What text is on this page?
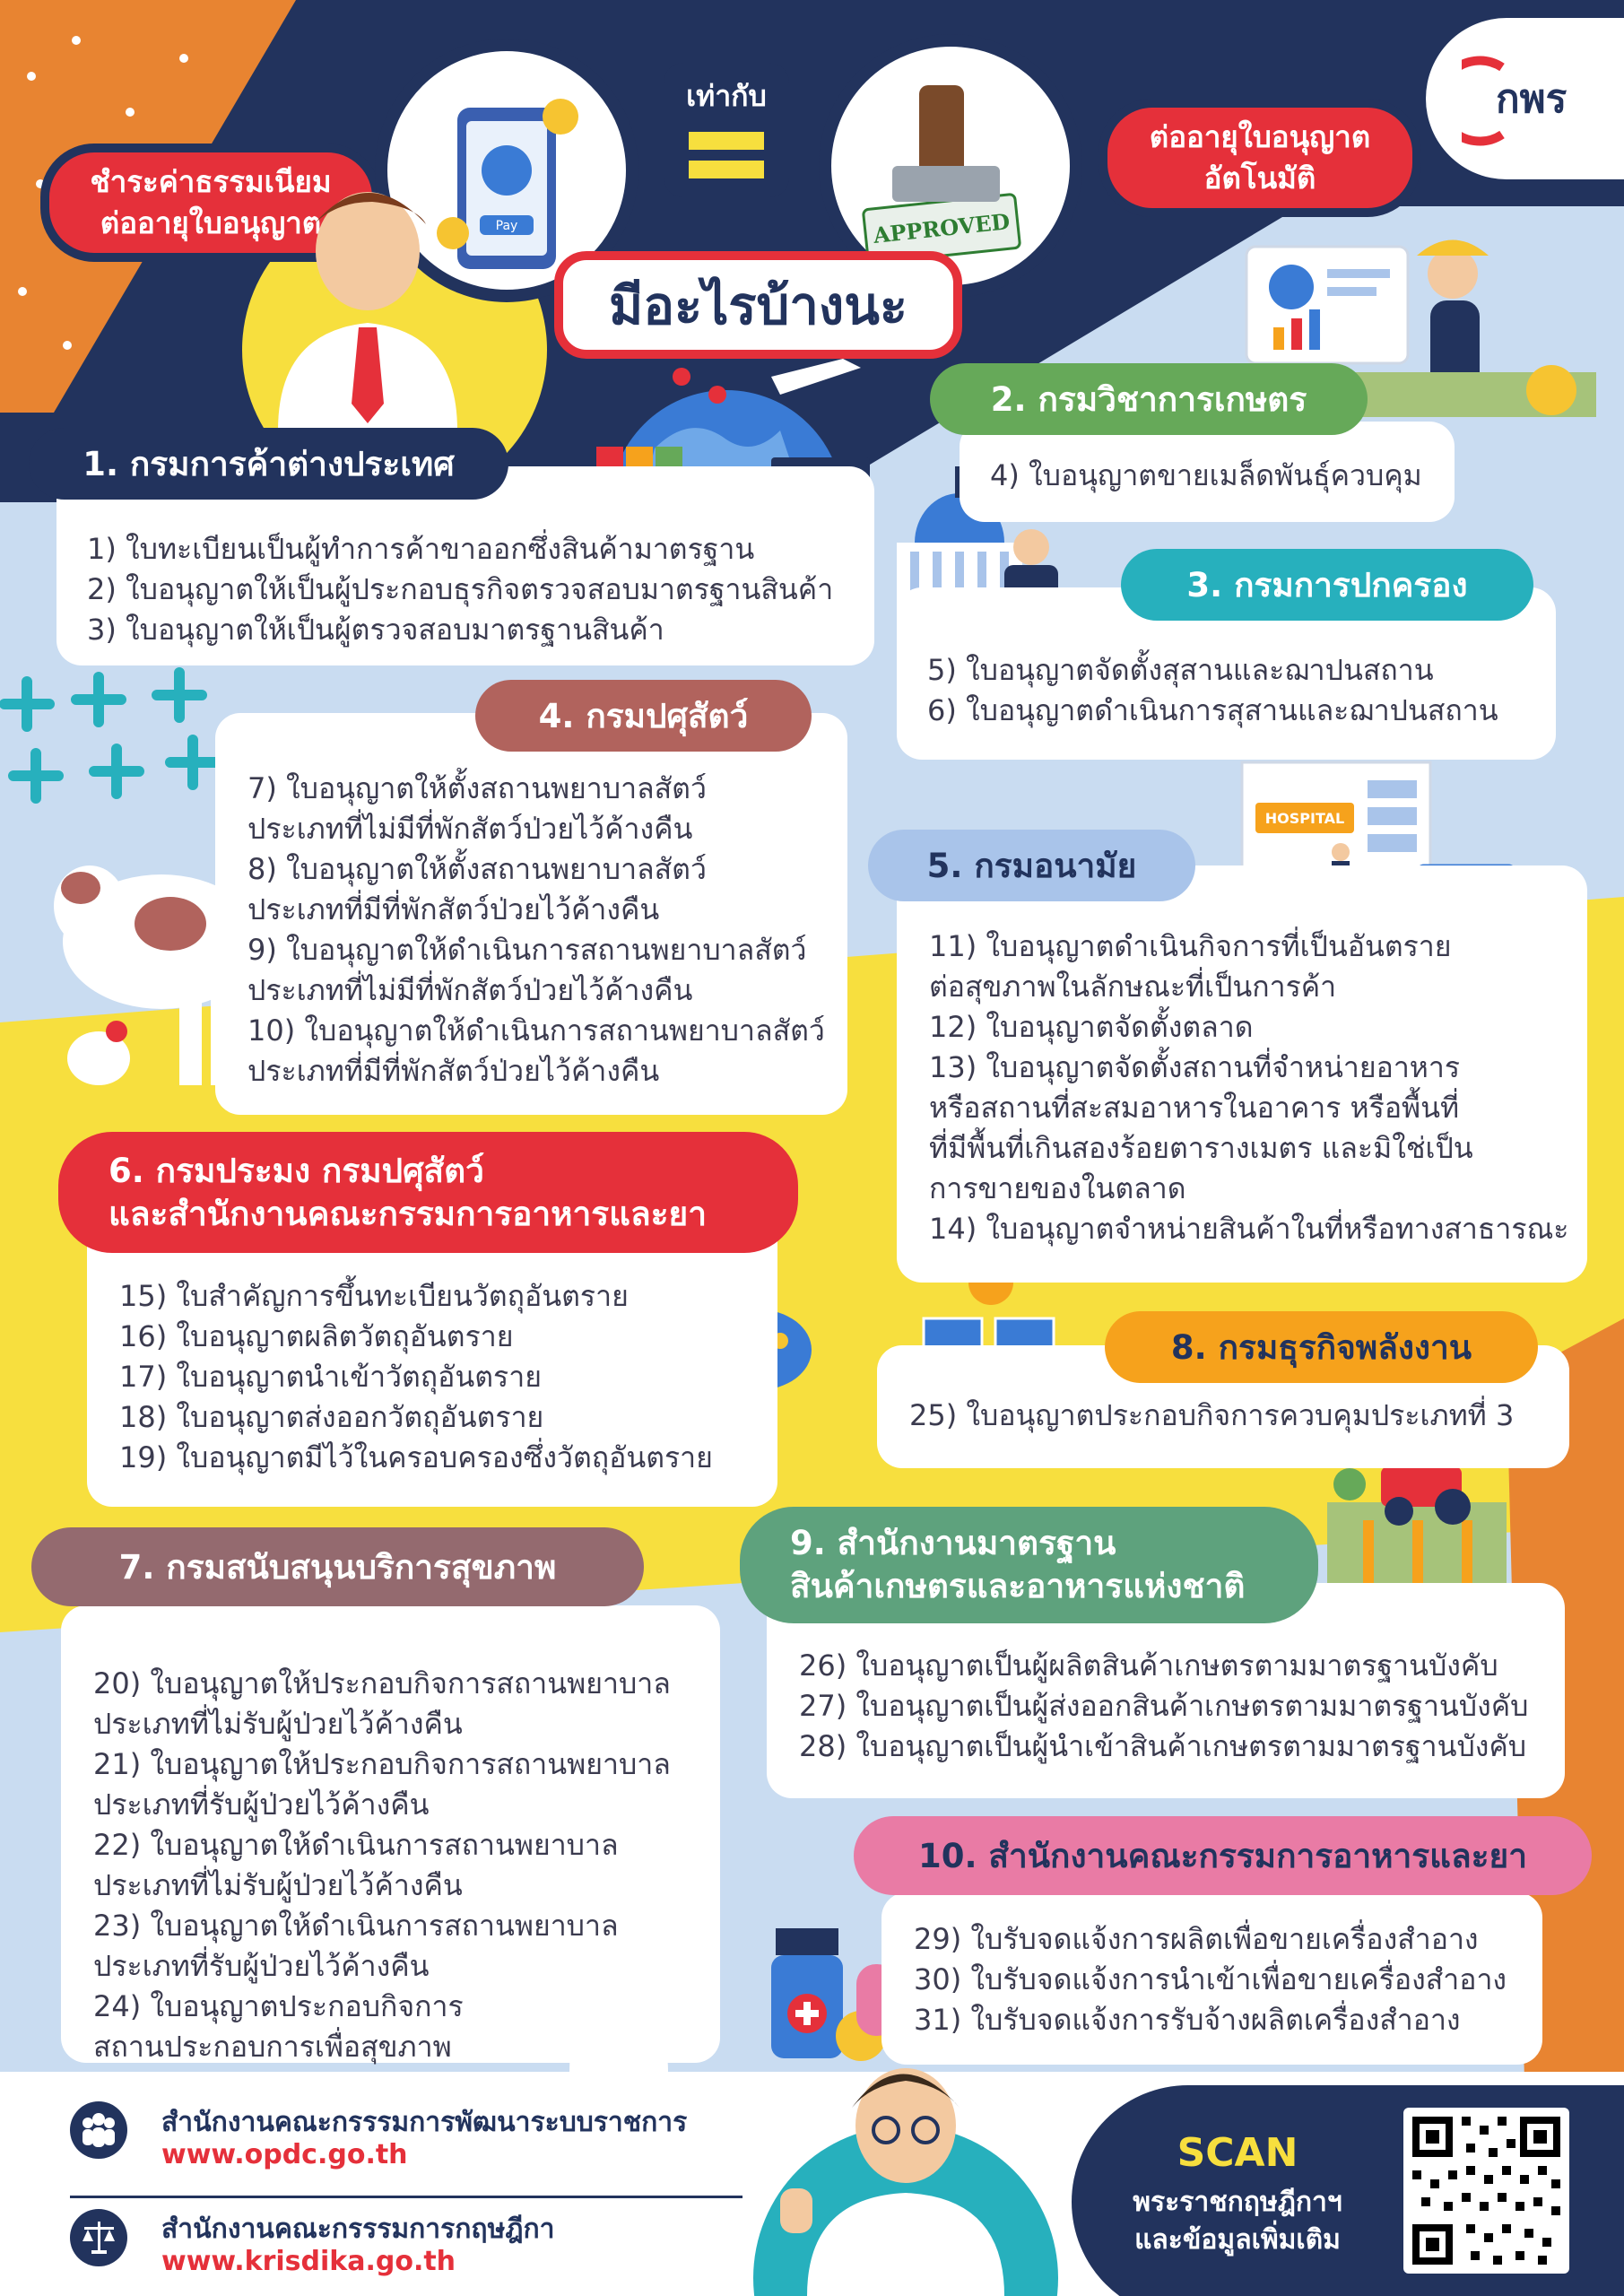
ชำระค่าธรรมเนียม
ต่ออายุใบอนุญาต	Pay
เท่ากับ
APPROVED
ต่ออายุใบอนุญาต
อัตโนมัติ
กพร
มีอะไรบ้างนะ
HOSPITAL
1) ใบทะเบียนเป็นผู้ทำการค้าขาออกซึ่งสินค้ามาตรฐาน
2) ใบอนุญาตให้เป็นผู้ประกอบธุรกิจตรวจสอบมาตรฐานสินค้า
3) ใบอนุญาตให้เป็นผู้ตรวจสอบมาตรฐานสินค้า
1. กรมการค้าต่างประเทศ	4) ใบอนุญาตขายเมล็ดพันธุ์ควบคุม
2. กรมวิชาการเกษตร
5) ใบอนุญาตจัดตั้งสุสานและฌาปนสถาน
6) ใบอนุญาตดำเนินการสุสานและฌาปนสถาน
3. กรมการปกครอง
7) ใบอนุญาตให้ตั้งสถานพยาบาลสัตว์
ประเภทที่ไม่มีที่พักสัตว์ป่วยไว้ค้างคืน
8) ใบอนุญาตให้ตั้งสถานพยาบาลสัตว์
ประเภทที่มีที่พักสัตว์ป่วยไว้ค้างคืน
9) ใบอนุญาตให้ดำเนินการสถานพยาบาลสัตว์
ประเภทที่ไม่มีที่พักสัตว์ป่วยไว้ค้างคืน
10) ใบอนุญาตให้ดำเนินการสถานพยาบาลสัตว์
ประเภทที่มีที่พักสัตว์ป่วยไว้ค้างคืน
4. กรมปศุสัตว์
11) ใบอนุญาตดำเนินกิจการที่เป็นอันตราย
ต่อสุขภาพในลักษณะที่เป็นการค้า
12) ใบอนุญาตจัดตั้งตลาด
13) ใบอนุญาตจัดตั้งสถานที่จำหน่ายอาหาร
หรือสถานที่สะสมอาหารในอาคาร หรือพื้นที่
ที่มีพื้นที่เกินสองร้อยตารางเมตร และมิใช่เป็น
การขายของในตลาด
14) ใบอนุญาตจำหน่ายสินค้าในที่หรือทางสาธารณะ
5. กรมอนามัย
15) ใบสำคัญการขึ้นทะเบียนวัตถุอันตราย
16) ใบอนุญาตผลิตวัตถุอันตราย
17) ใบอนุญาตนำเข้าวัตถุอันตราย
18) ใบอนุญาตส่งออกวัตถุอันตราย
19) ใบอนุญาตมีไว้ในครอบครองซึ่งวัตถุอันตราย
6. กรมประมง กรมปศุสัตว์
และสำนักงานคณะกรรมการอาหารและยา
20) ใบอนุญาตให้ประกอบกิจการสถานพยาบาล
ประเภทที่ไม่รับผู้ป่วยไว้ค้างคืน
21) ใบอนุญาตให้ประกอบกิจการสถานพยาบาล
ประเภทที่รับผู้ป่วยไว้ค้างคืน
22) ใบอนุญาตให้ดำเนินการสถานพยาบาล
ประเภทที่ไม่รับผู้ป่วยไว้ค้างคืน
23) ใบอนุญาตให้ดำเนินการสถานพยาบาล
ประเภทที่รับผู้ป่วยไว้ค้างคืน
24) ใบอนุญาตประกอบกิจการ
สถานประกอบการเพื่อสุขภาพ
7. กรมสนับสนุนบริการสุขภาพ
25) ใบอนุญาตประกอบกิจการควบคุมประเภทที่ 3
8. กรมธุรกิจพลังงาน
26) ใบอนุญาตเป็นผู้ผลิตสินค้าเกษตรตามมาตรฐานบังคับ
27) ใบอนุญาตเป็นผู้ส่งออกสินค้าเกษตรตามมาตรฐานบังคับ
28) ใบอนุญาตเป็นผู้นำเข้าสินค้าเกษตรตามมาตรฐานบังคับ
9. สำนักงานมาตรฐาน
สินค้าเกษตรและอาหารแห่งชาติ
29) ใบรับจดแจ้งการผลิตเพื่อขายเครื่องสำอาง
30) ใบรับจดแจ้งการนำเข้าเพื่อขายเครื่องสำอาง
31) ใบรับจดแจ้งการรับจ้างผลิตเครื่องสำอาง
10. สำนักงานคณะกรรมการอาหารและยา
สำนักงานคณะกรรรมการพัฒนาระบบราชการ
www.opdc.go.th
สำนักงานคณะกรรรมการกฤษฎีกา
www.krisdika.go.th
SCAN
พระราชกฤษฎีกาฯ
และข้อมูลเพิ่มเติม
